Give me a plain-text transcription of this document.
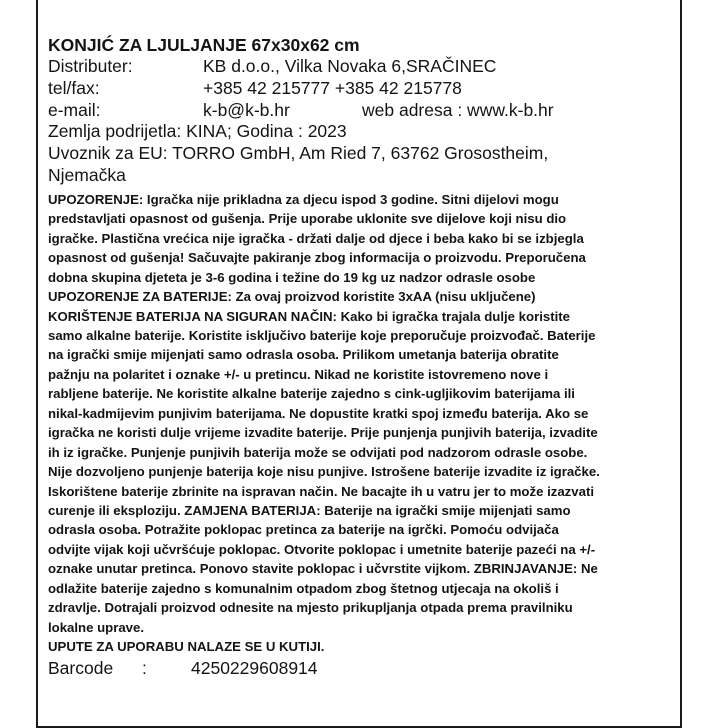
KONJIĆ ZA LJULJANJE 67x30x62 cm
Distributer:	KB d.o.o., Vilka Novaka 6,SRAČINEC
tel/fax:	+385 42 215777 +385 42 215778
e-mail:	k-b@k-b.hr	web adresa : www.k-b.hr
Zemlja podrijetla: KINA; Godina : 2023
Uvoznik za EU: TORRO GmbH, Am Ried 7, 63762 Grosostheim,
Njemačka
UPOZORENJE: Igračka nije prikladna za djecu ispod 3 godine. Sitni dijelovi mogu
predstavljati opasnost od gušenja. Prije uporabe uklonite sve dijelove koji nisu dio
igračke. Plastična vrećica nije igračka - držati dalje od djece i beba kako bi se izbjegla
opasnost od gušenja! Sačuvajte pakiranje zbog informacija o proizvodu. Preporučena
dobna skupina djeteta je 3-6 godina i težine do 19 kg uz nadzor odrasle osobe
UPOZORENJE ZA BATERIJE: Za ovaj proizvod koristite 3xAA (nisu uključene)
KORIŠTENJE BATERIJA NA SIGURAN NAČIN: Kako bi igračka trajala dulje koristite
samo alkalne baterije. Koristite isključivo baterije koje preporučuje proizvođač. Baterije
na igrački smije mijenjati samo odrasla osoba. Prilikom umetanja baterija obratite
pažnju na polaritet i oznake +/- u pretincu. Nikad ne koristite istovremeno nove i
rabljene baterije. Ne koristite alkalne baterije zajedno s cink-ugljikovim baterijama ili
nikal-kadmijevim punjivim baterijama. Ne dopustite kratki spoj između baterija. Ako se
igračka ne koristi dulje vrijeme izvadite baterije. Prije punjenja punjivih baterija, izvadite
ih iz igračke. Punjenje punjivih baterija može se odvijati pod nadzorom odrasle osobe.
Nije dozvoljeno punjenje baterija koje nisu punjive. Istrošene baterije izvadite iz igračke.
Iskorištene baterije zbrinite na ispravan način. Ne bacajte ih u vatru jer to može izazvati
curenje ili eksploziju. ZAMJENA BATERIJA: Baterije na igrački smije mijenjati samo
odrasla osoba. Potražite poklopac pretinca za baterije na igrčki. Pomoću odvijača
odvijte vijak koji učvršćuje poklopac. Otvorite poklopac i umetnite baterije pazeći na +/-
oznake unutar pretinca. Ponovo stavite poklopac i učvrstite vijkom. ZBRINJAVANJE: Ne
odlažite baterije zajedno s komunalnim otpadom zbog štetnog utjecaja na okoliš i
zdravlje. Dotrajali proizvod odnesite na mjesto prikupljanja otpada prema pravilniku
lokalne uprave.
UPUTE ZA UPORABU NALAZE SE U KUTIJI.
Barcode :	4250229608914
